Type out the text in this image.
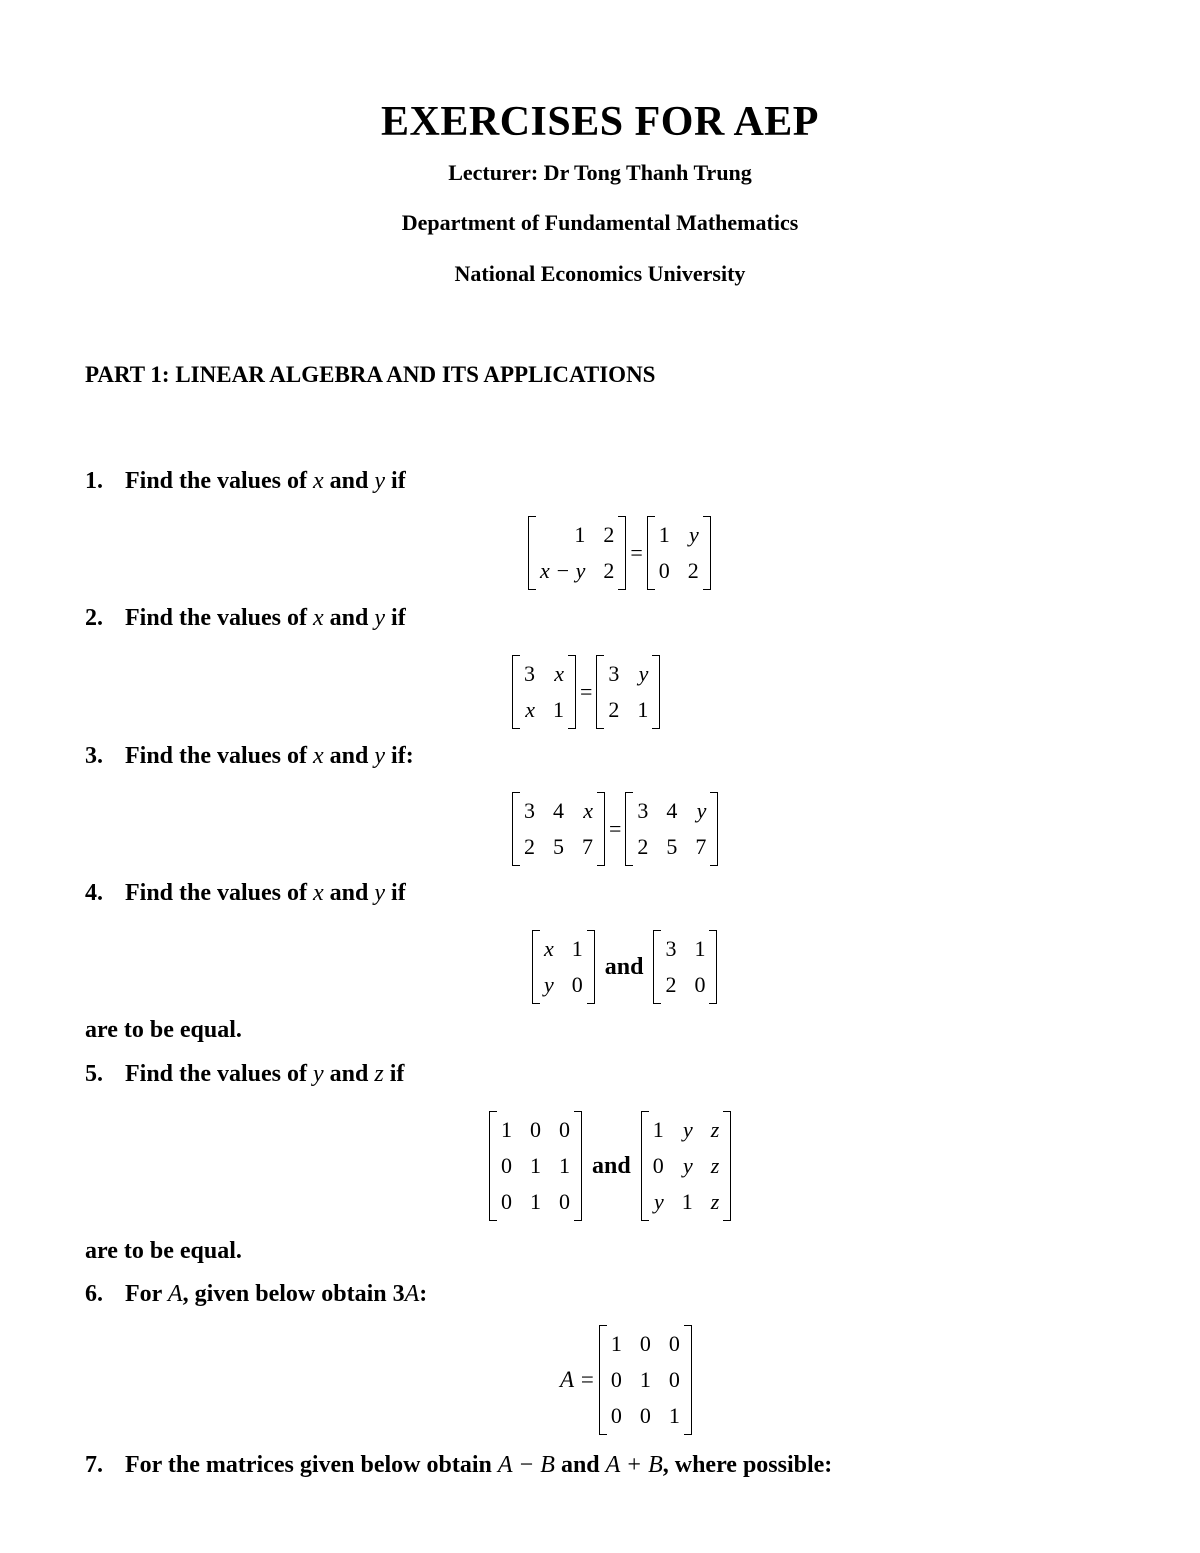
EXERCISES FOR AEP
Lecturer: Dr Tong Thanh Trung
Department of Fundamental Mathematics
National Economics University
PART 1: LINEAR ALGEBRA AND ITS APPLICATIONS
1. Find the values of x and y if
1 2
x − y 2
=
1 y
0 2
2. Find the values of x and y if
3 x
x 1
=
3 y
2 1
3. Find the values of x and y if:
3 4 x
2 5 7
=
3 4 y
2 5 7
4. Find the values of x and y if
x 1
y 0
and
3 1
2 0
are to be equal.
5. Find the values of y and z if
1 0 0
0 1 1
0 1 0
and
1 y z
0 y z
y 1 z
are to be equal.
6. For A, given below obtain 3A:
A =
1 0 0
0 1 0
0 0 1
7. For the matrices given below obtain A − B and A + B, where possible:
